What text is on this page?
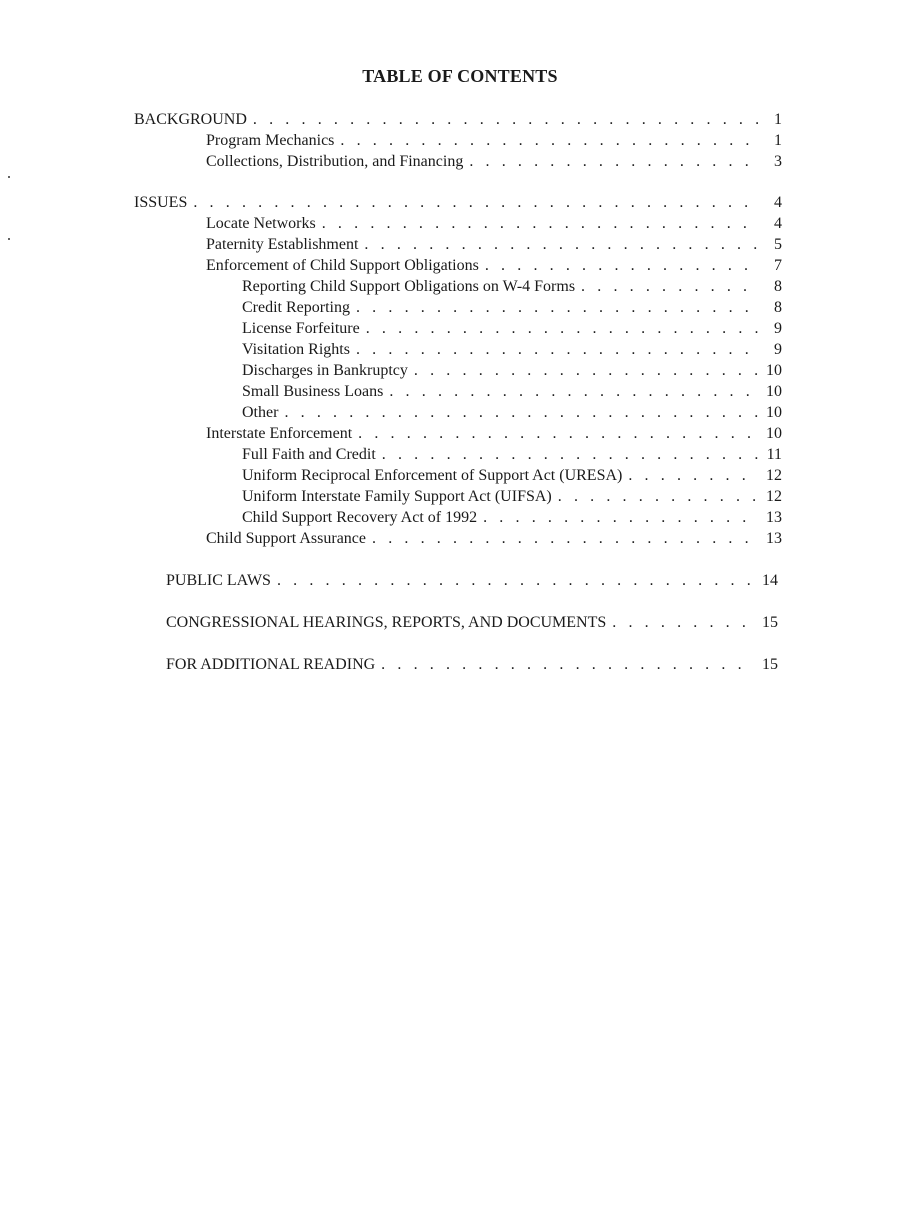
TABLE OF CONTENTS
BACKGROUND . . .	1
Program Mechanics . . .	1
Collections, Distribution, and Financing . . .	3
ISSUES . . .	4
Locate Networks . . .	4
Paternity Establishment . . .	5
Enforcement of Child Support Obligations . . .	7
Reporting Child Support Obligations on W-4 Forms . . .	8
Credit Reporting . . .	8
License Forfeiture . . .	9
Visitation Rights . . .	9
Discharges in Bankruptcy . . .	10
Small Business Loans . . .	10
Other . . .	10
Interstate Enforcement . . .	10
Full Faith and Credit . . .	11
Uniform Reciprocal Enforcement of Support Act (URESA) . . .	12
Uniform Interstate Family Support Act (UIFSA) . . .	12
Child Support Recovery Act of 1992 . . .	13
Child Support Assurance . . .	13
PUBLIC LAWS . . .	14
CONGRESSIONAL HEARINGS, REPORTS, AND DOCUMENTS . . .	15
FOR ADDITIONAL READING . . .	15
